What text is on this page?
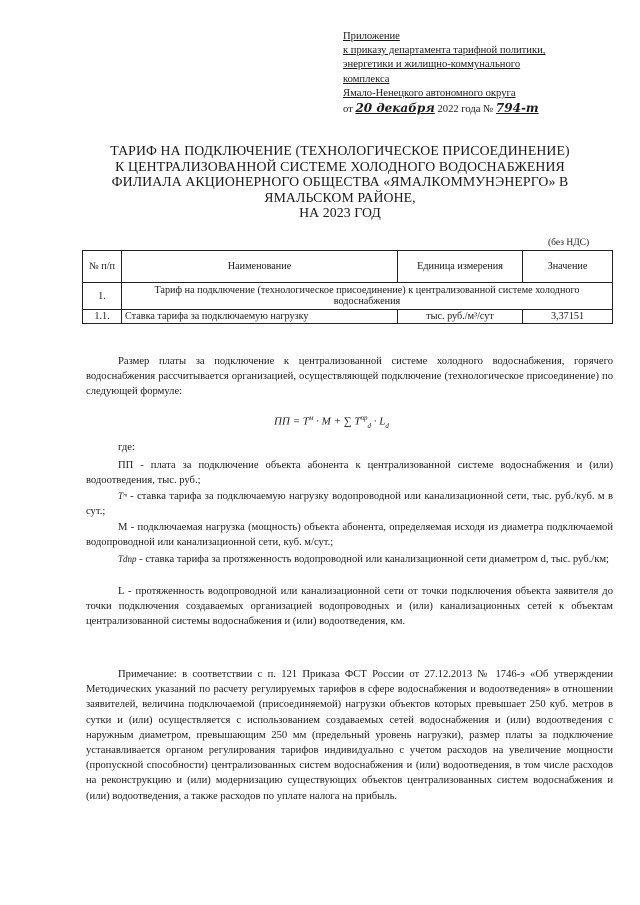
Приложение
к приказу департамента тарифной политики,
энергетики и жилищно-коммунального
комплекса
Ямало-Ненецкого автономного округа
от 20 декабря 2022 года № 794-т
ТАРИФ НА ПОДКЛЮЧЕНИЕ (ТЕХНОЛОГИЧЕСКОЕ ПРИСОЕДИНЕНИЕ)
К ЦЕНТРАЛИЗОВАННОЙ СИСТЕМЕ ХОЛОДНОГО ВОДОСНАБЖЕНИЯ
ФИЛИАЛА АКЦИОНЕРНОГО ОБЩЕСТВА «ЯМАЛКОММУНЭНЕРГО» В
ЯМАЛЬСКОМ РАЙОНЕ,
НА 2023 ГОД
(без НДС)
№ п/п	Наименование	Единица измерения	Значение
1.	Тариф на подключение (технологическое присоединение) к централизованной системе холодного водоснабжения		
1.1.	Ставка тарифа за подключаемую нагрузку	тыс. руб./м³/сут	3,37151
Размер платы за подключение к централизованной системе холодного водоснабжения, горячего водоснабжения рассчитывается организацией, осуществляющей подключение (технологическое присоединение) по следующей формуле:
ПП = $Т^м \cdot М$ + ∑ $Т^{пр}_d \cdot L_d$
где:
ПП - плата за подключение объекта абонента к централизованной системе водоснабжения и (или) водоотведения, тыс. руб.;
Тᵐ - ставка тарифа за подключаемую нагрузку водопроводной или канализационной сети, тыс. руб./куб. м в сут.;
М - подключаемая нагрузка (мощность) объекта абонента, определяемая исходя из диаметра подключаемой водопроводной или канализационной сети, куб. м/сут.;
Тdпр - ставка тарифа за протяженность водопроводной или канализационной сети диаметром d, тыс. руб./км;
L - протяженность водопроводной или канализационной сети от точки подключения объекта заявителя до точки подключения создаваемых организацией водопроводных и (или) канализационных сетей к объектам централизованной системы водоснабжения и (или) водоотведения, км.
Примечание: в соответствии с п. 121 Приказа ФСТ России от 27.12.2013 № 1746-э «Об утверждении Методических указаний по расчету регулируемых тарифов в сфере водоснабжения и водоотведения» в отношении заявителей, величина подключаемой (присоединяемой) нагрузки объектов которых превышает 250 куб. метров в сутки и (или) осуществляется с использованием создаваемых сетей водоснабжения и (или) водоотведения с наружным диаметром, превышающим 250 мм (предельный уровень нагрузки), размер платы за подключение устанавливается органом регулирования тарифов индивидуально с учетом расходов на увеличение мощности (пропускной способности) централизованных систем водоснабжения и (или) водоотведения, в том числе расходов на реконструкцию и (или) модернизацию существующих объектов централизованных систем водоснабжения и (или) водоотведения, а также расходов по уплате налога на прибыль.
